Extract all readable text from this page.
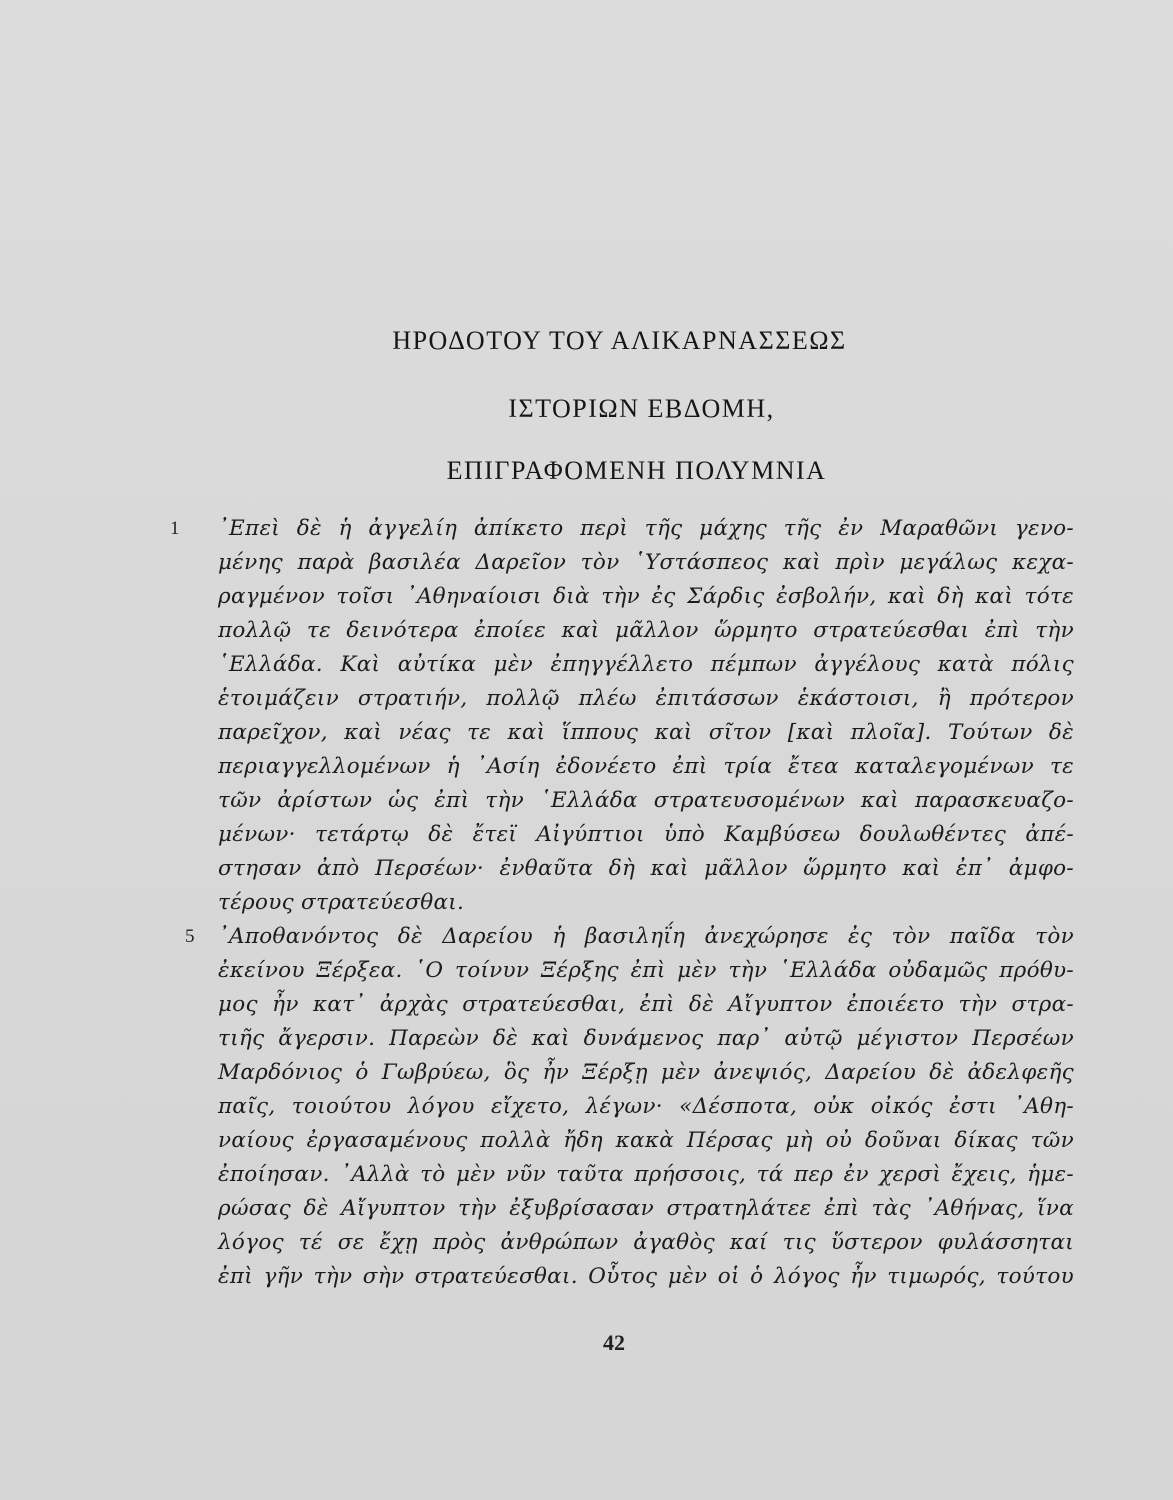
ΗΡΟΔΟΤΟΥ ΤΟΥ ΑΛΙΚΑΡΝΑΣΣΕΩΣ
ΙΣΤΟΡΙΩΝ ΕΒΔΟΜΗ,
ΕΠΙΓΡΑΦΟΜΕΝΗ ΠΟΛΥΜΝΙΑ
1
5
᾿Επεὶ δὲ ἡ ἀγγελίη ἀπίκετο περὶ τῆς μάχης τῆς ἐν Μαραθῶνι γενο-
μένης παρὰ βασιλέα Δαρεῖον τὸν ῾Υστάσπεος καὶ πρὶν μεγάλως κεχα-
ραγμένον τοῖσι ᾿Αθηναίοισι διὰ τὴν ἐς Σάρδις ἐσβολήν, καὶ δὴ καὶ τότε
πολλῷ τε δεινότερα ἐποίεε καὶ μᾶλλον ὥρμητο στρατεύεσθαι ἐπὶ τὴν
῾Ελλάδα. Καὶ αὐτίκα μὲν ἐπηγγέλλετο πέμπων ἀγγέλους κατὰ πόλις
ἑτοιμάζειν στρατιήν, πολλῷ πλέω ἐπιτάσσων ἑκάστοισι, ἢ πρότερον
παρεῖχον, καὶ νέας τε καὶ ἵππους καὶ σῖτον [καὶ πλοῖα]. Τούτων δὲ
περιαγγελλομένων ἡ ᾿Ασίη ἐδονέετο ἐπὶ τρία ἔτεα καταλεγομένων τε
τῶν ἀρίστων ὡς ἐπὶ τὴν ῾Ελλάδα στρατευσομένων καὶ παρασκευαζο-
μένων· τετάρτῳ δὲ ἔτεϊ Αἰγύπτιοι ὑπὸ Καμβύσεω δουλωθέντες ἀπέ-
στησαν ἀπὸ Περσέων· ἐνθαῦτα δὴ καὶ μᾶλλον ὥρμητο καὶ ἐπ᾿ ἀμφο-
τέρους στρατεύεσθαι.
᾿Αποθανόντος δὲ Δαρείου ἡ βασιληΐη ἀνεχώρησε ἐς τὸν παῖδα τὸν
ἐκείνου Ξέρξεα. ῾Ο τοίνυν Ξέρξης ἐπὶ μὲν τὴν ῾Ελλάδα οὐδαμῶς πρόθυ-
μος ἦν κατ᾿ ἀρχὰς στρατεύεσθαι, ἐπὶ δὲ Αἴγυπτον ἐποιέετο τὴν στρα-
τιῆς ἄγερσιν. Παρεὼν δὲ καὶ δυνάμενος παρ᾿ αὐτῷ μέγιστον Περσέων
Μαρδόνιος ὁ Γωβρύεω, ὃς ἦν Ξέρξῃ μὲν ἀνεψιός, Δαρείου δὲ ἀδελφεῆς
παῖς, τοιούτου λόγου εἴχετο, λέγων· «Δέσποτα, οὐκ οἰκός ἐστι ᾿Αθη-
ναίους ἐργασαμένους πολλὰ ἤδη κακὰ Πέρσας μὴ οὐ δοῦναι δίκας τῶν
ἐποίησαν. ᾿Αλλὰ τὸ μὲν νῦν ταῦτα πρήσσοις, τά περ ἐν χερσὶ ἔχεις, ἡμε-
ρώσας δὲ Αἴγυπτον τὴν ἐξυβρίσασαν στρατηλάτεε ἐπὶ τὰς ᾿Αθήνας, ἵνα
λόγος τέ σε ἔχῃ πρὸς ἀνθρώπων ἀγαθὸς καί τις ὕστερον φυλάσσηται
ἐπὶ γῆν τὴν σὴν στρατεύεσθαι. Οὗτος μὲν οἱ ὁ λόγος ἦν τιμωρός, τούτου
42
